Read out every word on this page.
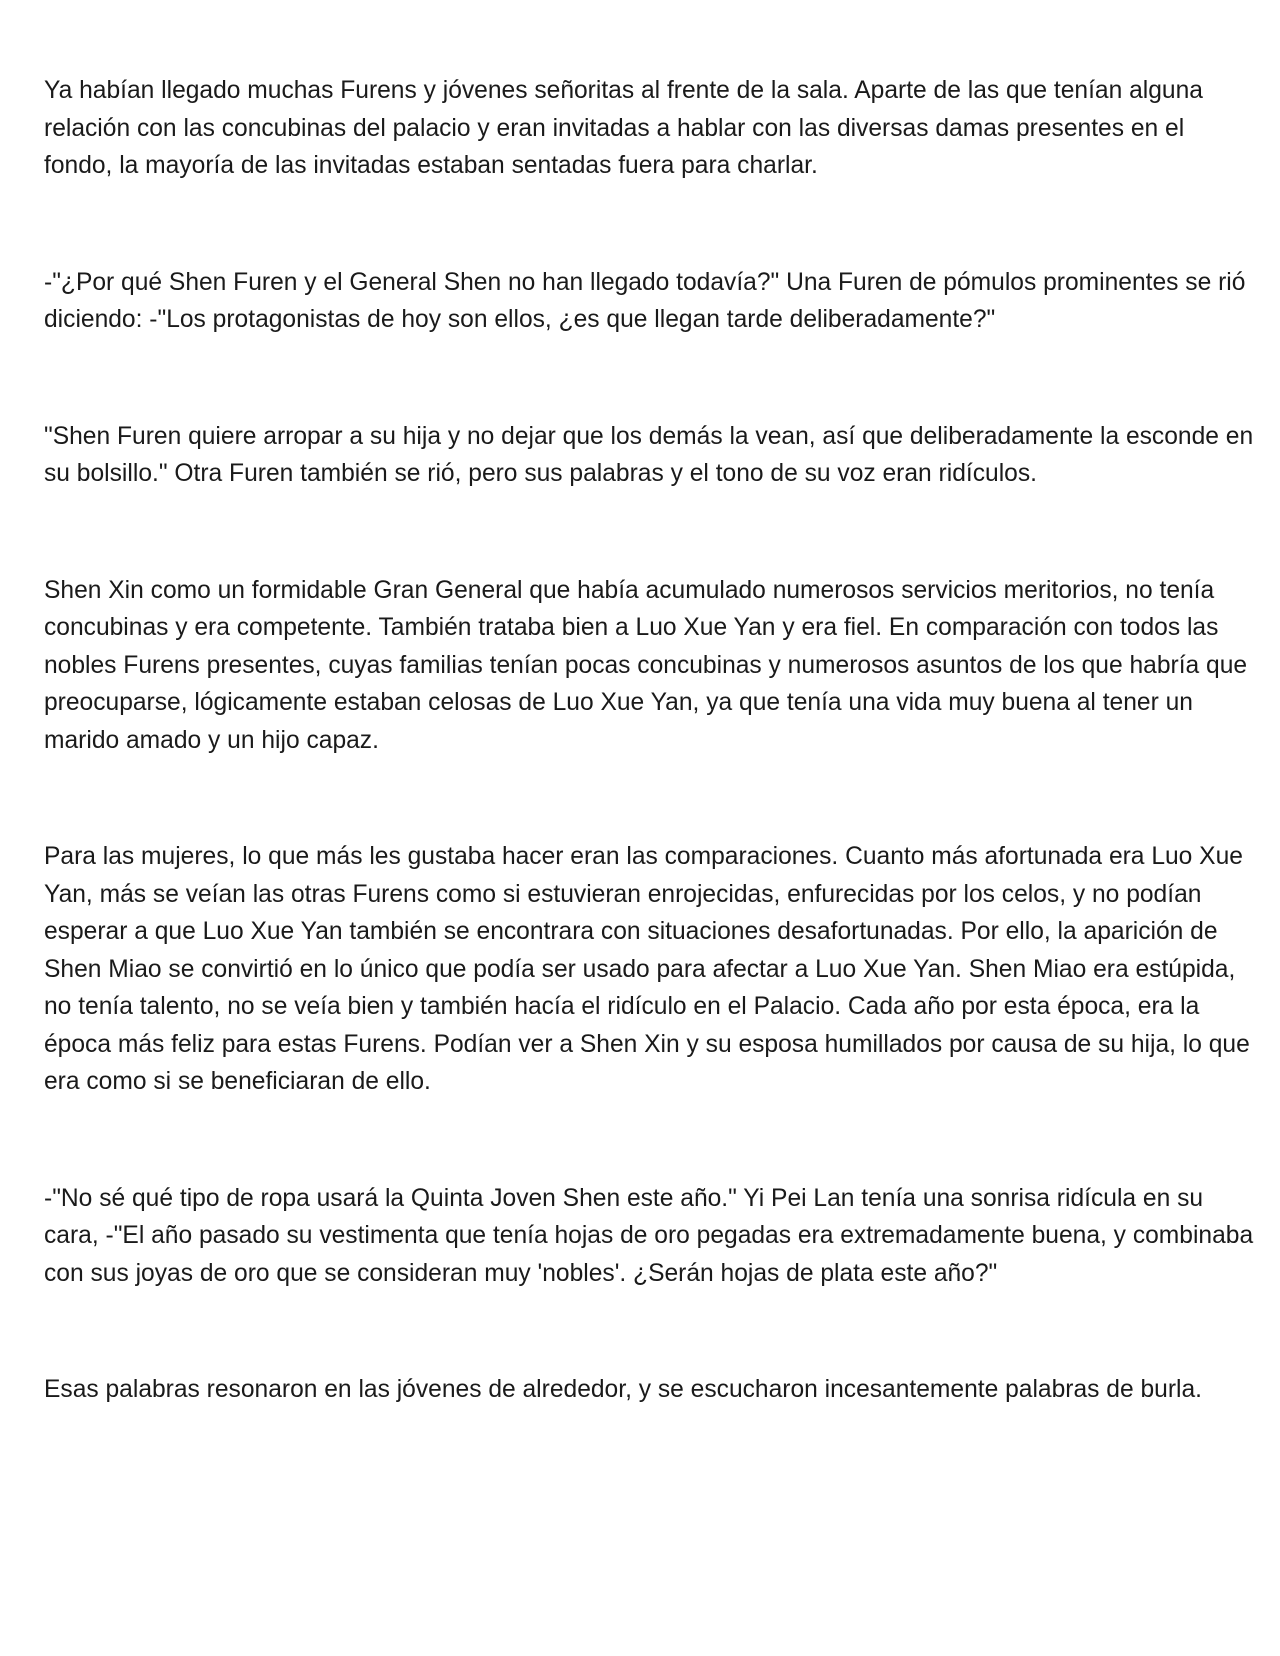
Ya habían llegado muchas Furens y jóvenes señoritas al frente de la sala. Aparte de las que tenían alguna relación con las concubinas del palacio y eran invitadas a hablar con las diversas damas presentes en el fondo, la mayoría de las invitadas estaban sentadas fuera para charlar.

-"¿Por qué Shen Furen y el General Shen no han llegado todavía?" Una Furen de pómulos prominentes se rió diciendo: -"Los protagonistas de hoy son ellos, ¿es que llegan tarde deliberadamente?"

"Shen Furen quiere arropar a su hija y no dejar que los demás la vean, así que deliberadamente la esconde en su bolsillo." Otra Furen también se rió, pero sus palabras y el tono de su voz eran ridículos.

Shen Xin como un formidable Gran General que había acumulado numerosos servicios meritorios, no tenía concubinas y era competente. También trataba bien a Luo Xue Yan y era fiel. En comparación con todos las nobles Furens presentes, cuyas familias tenían pocas concubinas y numerosos asuntos de los que habría que preocuparse, lógicamente estaban celosas de Luo Xue Yan, ya que tenía una vida muy buena al tener un marido amado y un hijo capaz.

Para las mujeres, lo que más les gustaba hacer eran las comparaciones. Cuanto más afortunada era Luo Xue Yan, más se veían las otras Furens como si estuvieran enrojecidas, enfurecidas por los celos, y no podían esperar a que Luo Xue Yan también se encontrara con situaciones desafortunadas. Por ello, la aparición de Shen Miao se convirtió en lo único que podía ser usado para afectar a Luo Xue Yan. Shen Miao era estúpida, no tenía talento, no se veía bien y también hacía el ridículo en el Palacio. Cada año por esta época, era la época más feliz para estas Furens. Podían ver a Shen Xin y su esposa humillados por causa de su hija, lo que era como si se beneficiaran de ello.

-"No sé qué tipo de ropa usará la Quinta Joven Shen este año." Yi Pei Lan tenía una sonrisa ridícula en su cara, -"El año pasado su vestimenta que tenía hojas de oro pegadas era extremadamente buena, y combinaba con sus joyas de oro que se consideran muy 'nobles'. ¿Serán hojas de plata este año?"

Esas palabras resonaron en las jóvenes de alrededor, y se escucharon incesantemente palabras de burla.
